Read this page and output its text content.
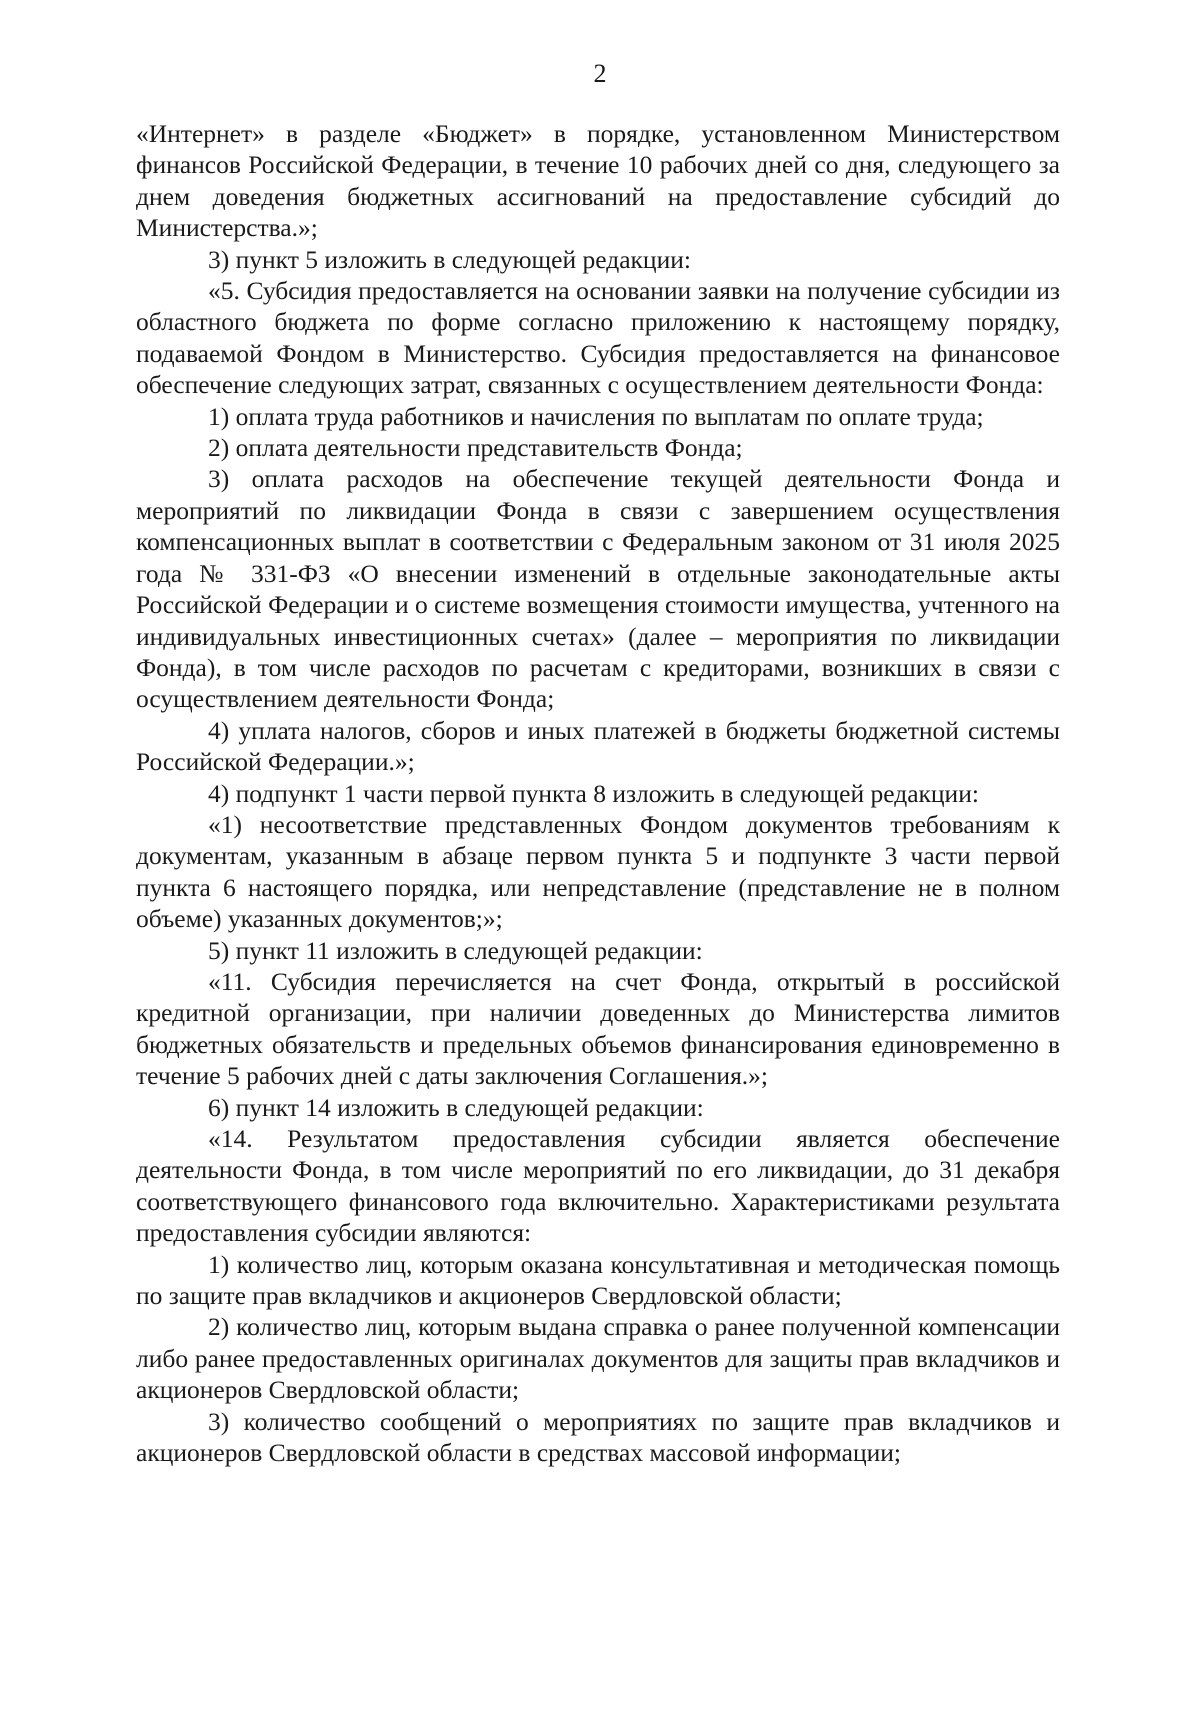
2

«Интернет» в разделе «Бюджет» в порядке, установленном Министерством финансов Российской Федерации, в течение 10 рабочих дней со дня, следующего за днем доведения бюджетных ассигнований на предоставление субсидий до Министерства.»;

3) пункт 5 изложить в следующей редакции:

«5. Субсидия предоставляется на основании заявки на получение субсидии из областного бюджета по форме согласно приложению к настоящему порядку, подаваемой Фондом в Министерство. Субсидия предоставляется на финансовое обеспечение следующих затрат, связанных с осуществлением деятельности Фонда:

1) оплата труда работников и начисления по выплатам по оплате труда;

2) оплата деятельности представительств Фонда;

3) оплата расходов на обеспечение текущей деятельности Фонда и мероприятий по ликвидации Фонда в связи с завершением осуществления компенсационных выплат в соответствии с Федеральным законом от 31 июля 2025 года № 331-ФЗ «О внесении изменений в отдельные законодательные акты Российской Федерации и о системе возмещения стоимости имущества, учтенного на индивидуальных инвестиционных счетах» (далее – мероприятия по ликвидации Фонда), в том числе расходов по расчетам с кредиторами, возникших в связи с осуществлением деятельности Фонда;

4) уплата налогов, сборов и иных платежей в бюджеты бюджетной системы Российской Федерации.»;

4) подпункт 1 части первой пункта 8 изложить в следующей редакции:

«1) несоответствие представленных Фондом документов требованиям к документам, указанным в абзаце первом пункта 5 и подпункте 3 части первой пункта 6 настоящего порядка, или непредставление (представление не в полном объеме) указанных документов;»;

5) пункт 11 изложить в следующей редакции:

«11. Субсидия перечисляется на счет Фонда, открытый в российской кредитной организации, при наличии доведенных до Министерства лимитов бюджетных обязательств и предельных объемов финансирования единовременно в течение 5 рабочих дней с даты заключения Соглашения.»;

6) пункт 14 изложить в следующей редакции:

«14. Результатом предоставления субсидии является обеспечение деятельности Фонда, в том числе мероприятий по его ликвидации, до 31 декабря соответствующего финансового года включительно. Характеристиками результата предоставления субсидии являются:

1) количество лиц, которым оказана консультативная и методическая помощь по защите прав вкладчиков и акционеров Свердловской области;

2) количество лиц, которым выдана справка о ранее полученной компенсации либо ранее предоставленных оригиналах документов для защиты прав вкладчиков и акционеров Свердловской области;

3) количество сообщений о мероприятиях по защите прав вкладчиков и акционеров Свердловской области в средствах массовой информации;
